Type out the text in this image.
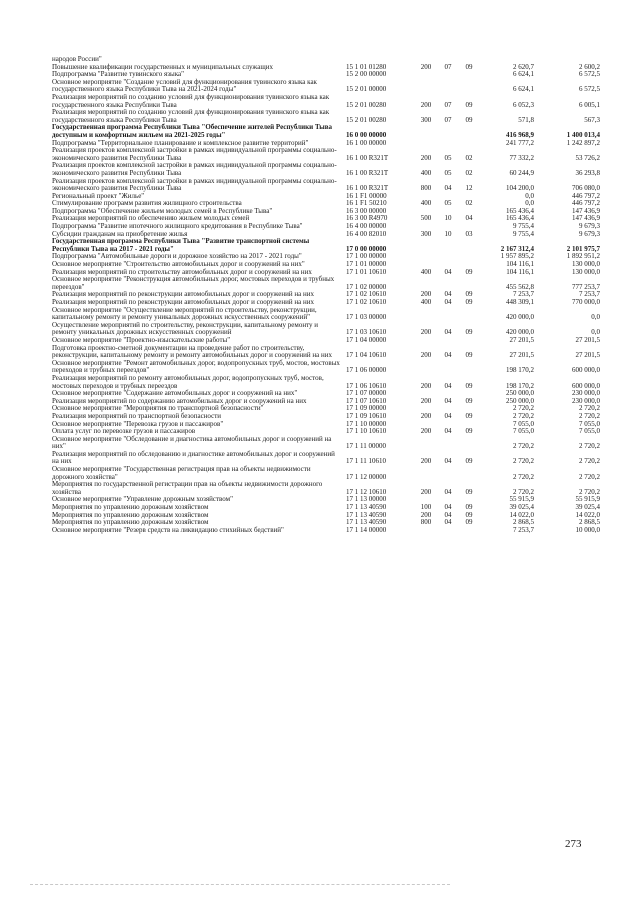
народов России"						
Повышение квалификации государственных и муниципальных служащих	15 1 01 01280	200	07	09	2 620,7	2 600,2
Подпрограмма "Развитие тувинского языка"	15 2 00 00000				6 624,1	6 572,5
Основное мероприятие "Создание условий для функционирования тувинского языка как государственного языка Республики Тыва на 2021-2024 годы"	15 2 01 00000				6 624,1	6 572,5
Реализация мероприятий по созданию условий для функционирования тувинского языка как государственного языка Республики Тыва	15 2 01 00280	200	07	09	6 052,3	6 005,1
Реализация мероприятий по созданию условий для функционирования тувинского языка как государственного языка Республики Тыва	15 2 01 00280	300	07	09	571,8	567,3
Государственная программа Республики Тыва "Обеспечение жителей Республики Тыва доступным и комфортным жильем на 2021-2025 годы"	16 0 00 00000				416 968,9	1 400 013,4
Подпрограмма "Территориальное планирование и комплексное развитие территорий"	16 1 00 00000				241 777,2	1 242 897,2
Реализация проектов комплексной застройки в рамках индивидуальной программы социально-экономического развития Республики Тыва	16 1 00 R321T	200	05	02	77 332,2	53 726,2
Реализация проектов комплексной застройки в рамках индивидуальной программы социально-экономического развития Республики Тыва	16 1 00 R321T	400	05	02	60 244,9	36 293,8
Реализация проектов комплексной застройки в рамках индивидуальной программы социально-экономического развития Республики Тыва	16 1 00 R321T	800	04	12	104 200,0	706 080,0
Региональный проект "Жилье"	16 1 F1 00000				0,0	446 797,2
Стимулирование программ развития жилищного строительства	16 1 F1 50210	400	05	02	0,0	446 797,2
Подпрограмма "Обеспечение жильем молодых семей в Республике Тыва"	16 3 00 00000				165 436,4	147 436,9
Реализация мероприятий по обеспечению жильем молодых семей	16 3 00 R4970	500	10	04	165 436,4	147 436,9
Подпрограмма "Развитие ипотечного жилищного кредитования в Республике Тыва"	16 4 00 00000				9 755,4	9 679,3
Субсидии гражданам на приобретение жилья	16 4 00 82010	300	10	03	9 755,4	9 679,3
Государственная программа Республики Тыва "Развитие транспортной системы Республики Тыва на 2017 - 2021 годы"	17 0 00 00000				2 167 312,4	2 101 975,7
Подпрограмма "Автомобильные дороги и дорожное хозяйство на 2017 - 2021 годы"	17 1 00 00000				1 957 895,2	1 892 951,2
Основное мероприятие "Строительство автомобильных дорог и сооружений на них"	17 1 01 00000				104 116,1	130 000,0
Реализация мероприятий по строительству автомобильных дорог и сооружений на них	17 1 01 10610	400	04	09	104 116,1	130 000,0
Основное мероприятие "Реконструкция автомобильных дорог, мостовых переходов и трубных переездов"	17 1 02 00000				455 562,8	777 253,7
Реализация мероприятий по реконструкции автомобильных дорог и сооружений на них	17 1 02 10610	200	04	09	7 253,7	7 253,7
Реализация мероприятий по реконструкции автомобильных дорог и сооружений на них	17 1 02 10610	400	04	09	448 309,1	770 000,0
Основное мероприятие "Осуществление мероприятий по строительству, реконструкции, капитальному ремонту и ремонту уникальных дорожных искусственных сооружений"	17 1 03 00000				420 000,0	0,0
Осуществление мероприятий по строительству, реконструкции, капитальному ремонту и ремонту уникальных дорожных искусственных сооружений	17 1 03 10610	200	04	09	420 000,0	0,0
Основное мероприятие "Проектно-изыскательские работы"	17 1 04 00000				27 201,5	27 201,5
Подготовка проектно-сметной документации на проведение работ по строительству, реконструкции, капитальному ремонту и ремонту автомобильных дорог и сооружений на них	17 1 04 10610	200	04	09	27 201,5	27 201,5
Основное мероприятие "Ремонт автомобильных дорог, водопропускных труб, мостов, мостовых переходов и трубных переездов"	17 1 06 00000				198 170,2	600 000,0
Реализация мероприятий по ремонту автомобильных дорог, водопропускных труб, мостов, мостовых переходов и трубных переездов	17 1 06 10610	200	04	09	198 170,2	600 000,0
Основное мероприятие "Содержание автомобильных дорог и сооружений на них"	17 1 07 00000				250 000,0	230 000,0
Реализация мероприятий по содержанию автомобильных дорог и сооружений на них	17 1 07 10610	200	04	09	250 000,0	230 000,0
Основное мероприятие "Мероприятия по транспортной безопасности"	17 1 09 00000				2 720,2	2 720,2
Реализация мероприятий по транспортной безопасности	17 1 09 10610	200	04	09	2 720,2	2 720,2
Основное мероприятие "Перевозка грузов и пассажиров"	17 1 10 00000				7 055,0	7 055,0
Оплата услуг по перевозке грузов и пассажиров	17 1 10 10610	200	04	09	7 055,0	7 055,0
Основное мероприятие "Обследование и диагностика автомобильных дорог и сооружений на них"	17 1 11 00000				2 720,2	2 720,2
Реализация мероприятий по обследованию и диагностике автомобильных дорог и сооружений на них	17 1 11 10610	200	04	09	2 720,2	2 720,2
Основное мероприятие "Государственная регистрация прав на объекты недвижимости дорожного хозяйства"	17 1 12 00000				2 720,2	2 720,2
Мероприятия по государственной регистрации прав на объекты недвижимости дорожного хозяйства	17 1 12 10610	200	04	09	2 720,2	2 720,2
Основное мероприятие "Управление дорожным хозяйством"	17 1 13 00000				55 915,9	55 915,9
Мероприятия по управлению дорожным хозяйством	17 1 13 40590	100	04	09	39 025,4	39 025,4
Мероприятия по управлению дорожным хозяйством	17 1 13 40590	200	04	09	14 022,0	14 022,0
Мероприятия по управлению дорожным хозяйством	17 1 13 40590	800	04	09	2 868,5	2 868,5
Основное мероприятие "Резерв средств на ликвидацию стихийных бедствий"	17 1 14 00000				7 253,7	10 000,0
273
